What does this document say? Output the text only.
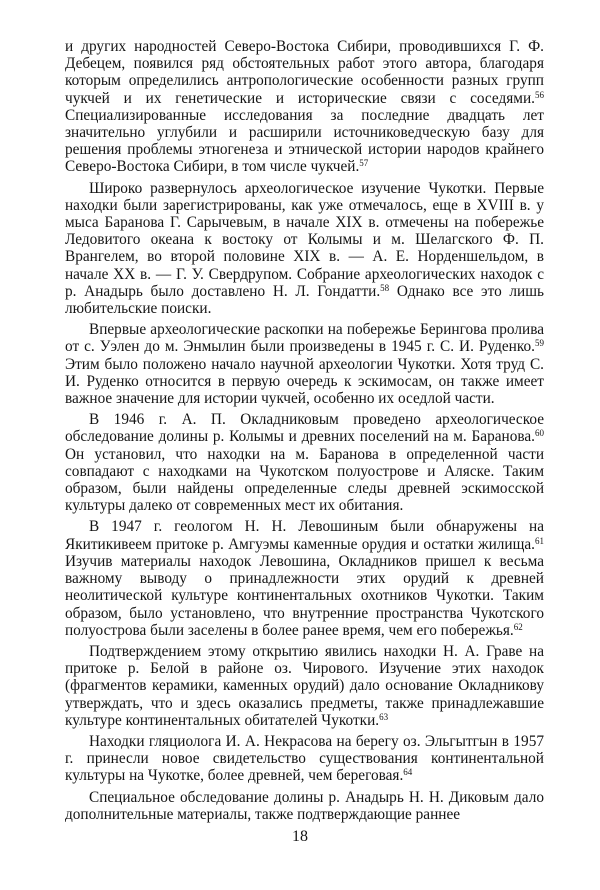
и других народностей Северо-Востока Сибири, проводившихся Г. Ф. Дебецем, появился ряд обстоятельных работ этого автора, благодаря которым определились антропологические особенности разных групп чукчей и их генетические и исторические связи с соседями.$^{56}$ Специализированные исследования за последние двадцать лет значительно углубили и расширили источниковедческую базу для решения проблемы этногенеза и этнической истории народов крайнего Северо-Востока Сибири, в том числе чукчей.$^{57}$

Широко развернулось археологическое изучение Чукотки. Первые находки были зарегистрированы, как уже отмечалось, еще в XVIII в. у мыса Баранова Г. Сарычевым, в начале XIX в. отмечены на побережье Ледовитого океана к востоку от Колымы и м. Шелагского Ф. П. Врангелем, во второй половине XIX в. — А. Е. Норденшельдом, в начале XX в. — Г. У. Свердрупом. Собрание археологических находок с р. Анадырь было доставлено Н. Л. Гондатти.$^{58}$ Однако все это лишь любительские поиски.

Впервые археологические раскопки на побережье Берингова пролива от с. Уэлен до м. Энмылин были произведены в 1945 г. С. И. Руденко.$^{59}$ Этим было положено начало научной археологии Чукотки. Хотя труд С. И. Руденко относится в первую очередь к эскимосам, он также имеет важное значение для истории чукчей, особенно их оседлой части.

В 1946 г. А. П. Окладниковым проведено археологическое обследование долины р. Колымы и древних поселений на м. Баранова.$^{60}$ Он установил, что находки на м. Баранова в определенной части совпадают с находками на Чукотском полуострове и Аляске. Таким образом, были найдены определенные следы древней эскимосской культуры далеко от современных мест их обитания.

В 1947 г. геологом Н. Н. Левошиным были обнаружены на Якитикивеем притоке р. Амгуэмы каменные орудия и остатки жилища.$^{61}$ Изучив материалы находок Левошина, Окладников пришел к весьма важному выводу о принадлежности этих орудий к древней неолитической культуре континентальных охотников Чукотки. Таким образом, было установлено, что внутренние пространства Чукотского полуострова были заселены в более ранее время, чем его побережья.$^{62}$

Подтверждением этому открытию явились находки Н. А. Граве на притоке р. Белой в районе оз. Чирового. Изучение этих находок (фрагментов керамики, каменных орудий) дало основание Окладникову утверждать, что и здесь оказались предметы, также принадлежавшие культуре континентальных обитателей Чукотки.$^{63}$

Находки гляциолога И. А. Некрасова на берегу оз. Эльгытгын в 1957 г. принесли новое свидетельство существования континентальной культуры на Чукотке, более древней, чем береговая.$^{64}$

Специальное обследование долины р. Анадырь Н. Н. Диковым дало дополнительные материалы, также подтверждающие раннее

18
